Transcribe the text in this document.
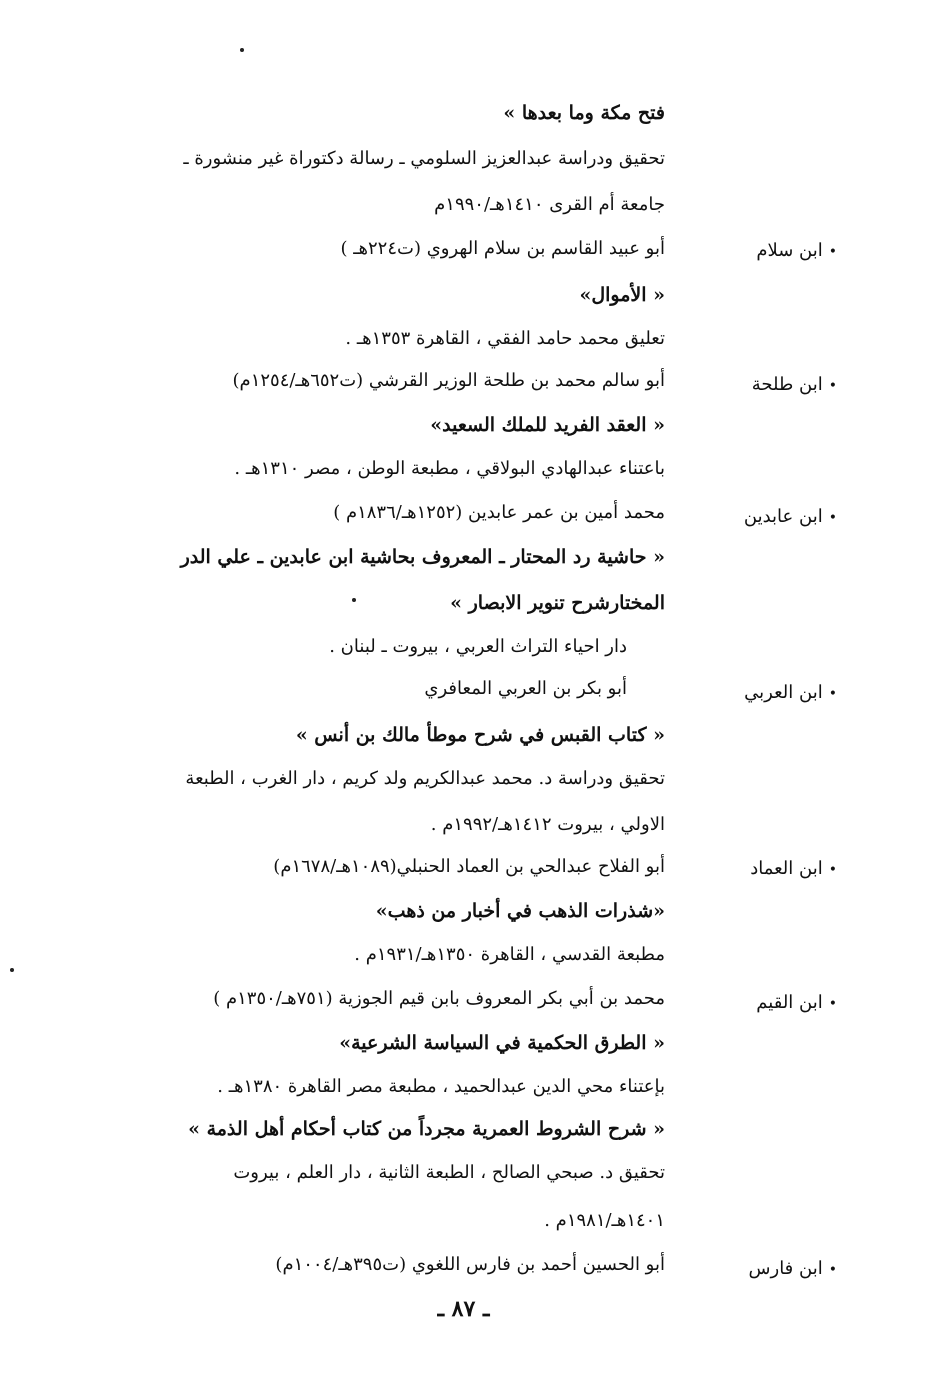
فتح مكة وما بعدها »
تحقيق ودراسة عبدالعزيز السلومي ـ رسالة دكتوراة غير منشورة ـ
جامعة أم القرى ١٤١٠هـ/١٩٩٠م
•ابن سلام
أبو عبيد القاسم بن سلام الهروي (ت٢٢٤هـ )
« الأموال»
تعليق محمد حامد الفقي ، القاهرة ١٣٥٣هـ .
•ابن طلحة
أبو سالم محمد بن طلحة الوزير القرشي (ت٦٥٢هـ/١٢٥٤م)
« العقد الفريد للملك السعيد»
باعتناء عبدالهادي البولاقي ، مطبعة الوطن ، مصر ١٣١٠هـ .
•ابن عابدين
محمد أمين بن عمر عابدين (١٢٥٢هـ/١٨٣٦م )
« حاشية رد المحتار ـ المعروف بحاشية ابن عابدين ـ علي الدر
المختارشرح تنوير الابصار »
دار احياء التراث العربي ، بيروت ـ لبنان .
•ابن العربي
أبو بكر بن العربي المعافري
« كتاب القبس في شرح موطأ مالك بن أنس »
تحقيق ودراسة د. محمد عبدالكريم ولد كريم ، دار الغرب ، الطبعة
الاولي ، بيروت ١٤١٢هـ/١٩٩٢م .
•ابن العماد
أبو الفلاح عبدالحي بن العماد الحنبلي(١٠٨٩هـ/١٦٧٨م)
«شذرات الذهب في أخبار من ذهب»
مطبعة القدسي ، القاهرة ١٣٥٠هـ/١٩٣١م .
•ابن القيم
محمد بن أبي بكر المعروف بابن قيم الجوزية (٧٥١هـ/١٣٥٠م )
« الطرق الحكمية في السياسة الشرعية»
بإعتناء محي الدين عبدالحميد ، مطبعة مصر القاهرة ١٣٨٠هـ .
« شرح الشروط العمرية مجرداً من كتاب أحكام أهل الذمة »
تحقيق د. صبحي الصالح ، الطبعة الثانية ، دار العلم ، بيروت
١٤٠١هـ/١٩٨١م .
•ابن فارس
أبو الحسين أحمد بن فارس اللغوي (ت٣٩٥هـ/١٠٠٤م)
ـ ٨٧ ـ
